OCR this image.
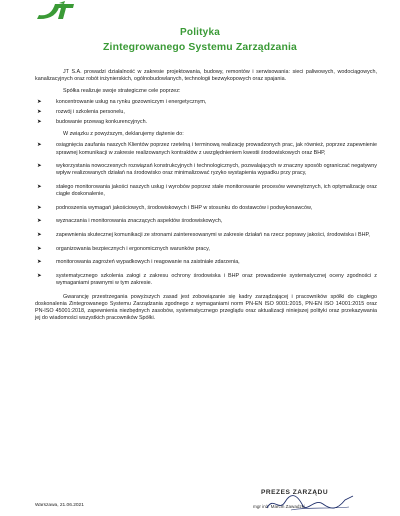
Polityka
Zintegrowanego Systemu Zarządzania

JT S.A. prowadzi działalność w zakresie projektowania, budowy, remontów i serwisowania: sieci paliwowych, wodociągowych, kanalizacyjnych oraz robót inżynierskich, ogólnobudowlanych, technologii bezwykopowych oraz spajania.

Spółka realizuje swoje strategiczne cele poprzez:

➤	koncentrowanie usług na rynku gozowniczym i energetycznym,
➤	rozwój i szkolenia personelu,
➤	budowanie przewag konkurencyjnych.

W związku z powyższym, deklarujemy dążenie do:

➤	osiągnięcia zaufania naszych Klientów poprzez rzetelną i terminową realizację prowadzonych prac, jak również, poprzez zapewnienie sprawnej komunikacji w zakresie realizowanych kontraktów z uwzględnieniem kwestii środowiskowych oraz BHP,
➤	wykorzystania nowoczesnych rozwiązań konstrukcyjnych i technologicznych, pozwalających w znaczny sposób ograniczać negatywny wpływ realizowanych działań na środowisko oraz minimalizować ryzyko wystąpienia wypadku przy pracy,
➤	stałego monitorowania jakości naszych usług i wyrobów poprzez stałe monitorowanie procesów wewnętrznych, ich optymalizację oraz ciągłe doskonalenie,
➤	podnoszenia wymagań jakościowych, środowiskowych i BHP w stosunku do dostawców i podwykonawców,
➤	wyznaczania i monitorowania znaczących aspektów środowiskowych,
➤	zapewnienia skutecznej komunikacji ze stronami zainteresowanymi w zakresie działań na rzecz poprawy jakości, środowiska i BHP,
➤	organizowania bezpiecznych i ergonomicznych warunków pracy,
➤	monitorowania zagrożeń wypadkowych i reagowanie na zaistniałe zdarzenia,
➤	systematycznego szkolenia załogi z zakresu ochrony środowiska i BHP oraz prowadzenie systematycznej oceny zgodności z wymaganiami prawnymi w tym zakresie.

Gwarancję przestrzegania powyższych zasad jest zobowiązanie się kadry zarządzającej i pracowników spółki do ciągłego doskonalenia Zintegrowanego Systemu Zarządzania zgodnego z wymaganiami norm PN-EN ISO 9001:2015, PN-EN ISO 14001:2015 oraz PN-ISO 45001:2018, zapewnienia niezbędnych zasobów, systematycznego przeglądu oraz aktualizacji niniejszej polityki oraz przekazywania jej do wiadomości wszystkich pracowników Spółki.

Warszawa, 21.06.2021
PREZES ZARZĄDU
mgr inż. Marcin Zawadzki
